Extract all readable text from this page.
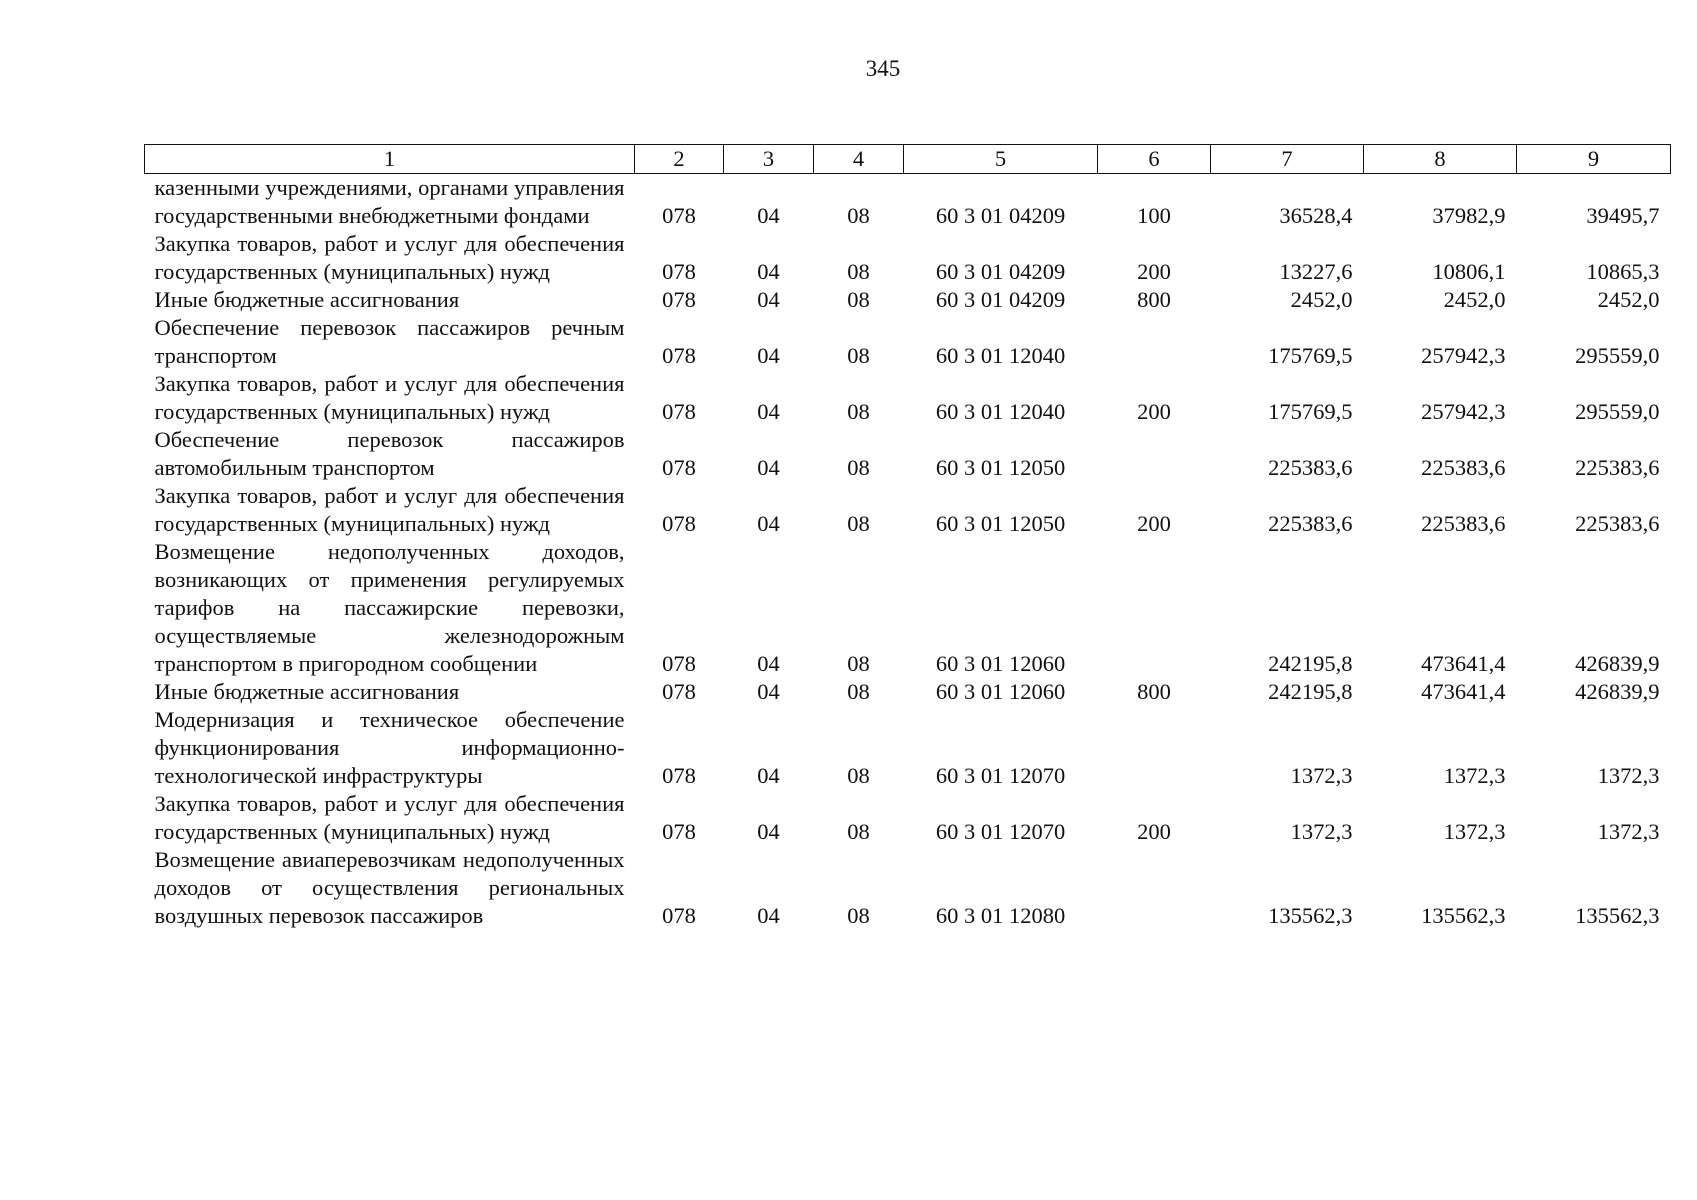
345
1	2	3	4	5	6	7	8	9
казенными учреждениями, органами управления государственными внебюджетными фондами	078	04	08	60 3 01 04209	100	36528,4	37982,9	39495,7
Закупка товаров, работ и услуг для обеспечения государственных (муниципальных) нужд	078	04	08	60 3 01 04209	200	13227,6	10806,1	10865,3
Иные бюджетные ассигнования	078	04	08	60 3 01 04209	800	2452,0	2452,0	2452,0
Обеспечение перевозок пассажиров речным транспортом	078	04	08	60 3 01 12040		175769,5	257942,3	295559,0
Закупка товаров, работ и услуг для обеспечения государственных (муниципальных) нужд	078	04	08	60 3 01 12040	200	175769,5	257942,3	295559,0
Обеспечение перевозок пассажиров автомобильным транспортом	078	04	08	60 3 01 12050		225383,6	225383,6	225383,6
Закупка товаров, работ и услуг для обеспечения государственных (муниципальных) нужд	078	04	08	60 3 01 12050	200	225383,6	225383,6	225383,6
Возмещение недополученных доходов, возникающих от применения регулируемых тарифов на пассажирские перевозки, осуществляемые железнодорожным транспортом в пригородном сообщении	078	04	08	60 3 01 12060		242195,8	473641,4	426839,9
Иные бюджетные ассигнования	078	04	08	60 3 01 12060	800	242195,8	473641,4	426839,9
Модернизация и техническое обеспечение функционирования информационно-технологической инфраструктуры	078	04	08	60 3 01 12070		1372,3	1372,3	1372,3
Закупка товаров, работ и услуг для обеспечения государственных (муниципальных) нужд	078	04	08	60 3 01 12070	200	1372,3	1372,3	1372,3
Возмещение авиаперевозчикам недополученных доходов от осуществления региональных воздушных перевозок пассажиров	078	04	08	60 3 01 12080		135562,3	135562,3	135562,3
